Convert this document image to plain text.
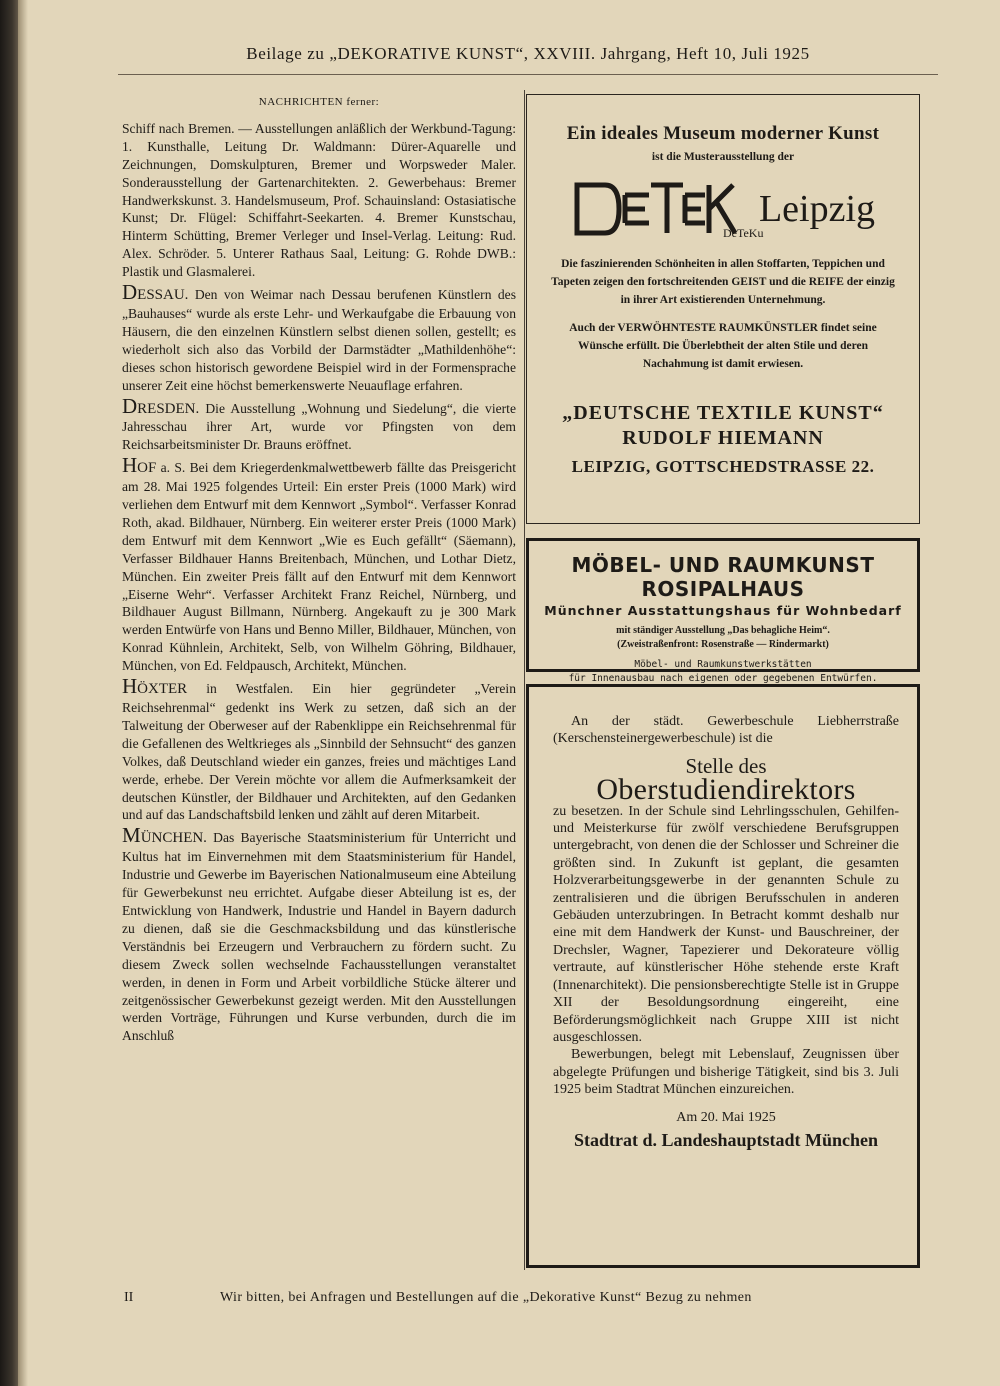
Beilage zu „DEKORATIVE KUNST“, XXVIII. Jahrgang, Heft 10, Juli 1925
NACHRICHTEN ferner:

Schiff nach Bremen. — Ausstellungen anläßlich der Werkbund-Tagung: 1. Kunsthalle, Leitung Dr. Waldmann: Dürer-Aquarelle und Zeichnungen, Domskulpturen, Bremer und Worpsweder Maler. Sonderausstellung der Gartenarchitekten. 2. Gewerbehaus: Bremer Handwerkskunst. 3. Handelsmuseum, Prof. Schauinsland: Ostasiatische Kunst; Dr. Flügel: Schiffahrt-Seekarten. 4. Bremer Kunstschau, Hinterm Schütting, Bremer Verleger und Insel-Verlag. Leitung: Rud. Alex. Schröder. 5. Unterer Rathaus Saal, Leitung: G. Rohde DWB.: Plastik und Glasmalerei.

DESSAU. Den von Weimar nach Dessau berufenen Künstlern des „Bauhauses“ wurde als erste Lehr- und Werkaufgabe die Erbauung von Häusern, die den einzelnen Künstlern selbst dienen sollen, gestellt; es wiederholt sich also das Vorbild der Darmstädter „Mathildenhöhe“: dieses schon historisch gewordene Beispiel wird in der Formensprache unserer Zeit eine höchst bemerkenswerte Neuauflage erfahren.

DRESDEN. Die Ausstellung „Wohnung und Siedelung“, die vierte Jahresschau ihrer Art, wurde vor Pfingsten von dem Reichsarbeitsminister Dr. Brauns eröffnet.

HOF a. S. Bei dem Kriegerdenkmalwettbewerb fällte das Preisgericht am 28. Mai 1925 folgendes Urteil: Ein erster Preis (1000 Mark) wird verliehen dem Entwurf mit dem Kennwort „Symbol“. Verfasser Konrad Roth, akad. Bildhauer, Nürnberg. Ein weiterer erster Preis (1000 Mark) dem Entwurf mit dem Kennwort „Wie es Euch gefällt“ (Säemann), Verfasser Bildhauer Hanns Breitenbach, München, und Lothar Dietz, München. Ein zweiter Preis fällt auf den Entwurf mit dem Kennwort „Eiserne Wehr“. Verfasser Architekt Franz Reichel, Nürnberg, und Bildhauer August Billmann, Nürnberg. Angekauft zu je 300 Mark werden Entwürfe von Hans und Benno Miller, Bildhauer, München, von Konrad Kühnlein, Architekt, Selb, von Wilhelm Göhring, Bildhauer, München, von Ed. Feldpausch, Architekt, München.

HÖXTER in Westfalen. Ein hier gegründeter „Verein Reichsehrenmal“ gedenkt ins Werk zu setzen, daß sich an der Talweitung der Oberweser auf der Rabenklippe ein Reichsehrenmal für die Gefallenen des Weltkrieges als „Sinnbild der Sehnsucht“ des ganzen Volkes, daß Deutschland wieder ein ganzes, freies und mächtiges Land werde, erhebe. Der Verein möchte vor allem die Aufmerksamkeit der deutschen Künstler, der Bildhauer und Architekten, auf den Gedanken und auf das Landschaftsbild lenken und zählt auf deren Mitarbeit.

MÜNCHEN. Das Bayerische Staatsministerium für Unterricht und Kultus hat im Einvernehmen mit dem Staatsministerium für Handel, Industrie und Gewerbe im Bayerischen Nationalmuseum eine Abteilung für Gewerbekunst neu errichtet. Aufgabe dieser Abteilung ist es, der Entwicklung von Handwerk, Industrie und Handel in Bayern dadurch zu dienen, daß sie die Geschmacksbildung und das künstlerische Verständnis bei Erzeugern und Verbrauchern zu fördern sucht. Zu diesem Zweck sollen wechselnde Fachausstellungen veranstaltet werden, in denen in Form und Arbeit vorbildliche Stücke älterer und zeitgenössischer Gewerbekunst gezeigt werden. Mit den Ausstellungen werden Vorträge, Führungen und Kurse verbunden, durch die im Anschluß

Ein ideales Museum moderner Kunst
ist die Musterausstellung der
DeTeKu
Leipzig
Die faszinierenden Schönheiten in allen Stoffarten, Teppichen und Tapeten zeigen den fortschreitenden GEIST und die REIFE der einzig in ihrer Art existierenden Unternehmung.
Auch der VERWÖHNTESTE RAUMKÜNSTLER findet seine Wünsche erfüllt. Die Überlebtheit der alten Stile und deren Nachahmung ist damit erwiesen.
„DEUTSCHE TEXTILE KUNST“
RUDOLF HIEMANN
LEIPZIG, GOTTSCHEDSTRASSE 22.
MÖBEL- UND RAUMKUNST ROSIPALHAUS
Münchner Ausstattungshaus für Wohnbedarf
mit ständiger Ausstellung „Das behagliche Heim“.
(Zweistraßenfront: Rosenstraße — Rindermarkt)
Möbel- und Raumkunstwerkstätten
für Innenausbau nach eigenen oder gegebenen Entwürfen.

An der städt. Gewerbeschule Liebherrstraße (Kerschensteinergewerbeschule) ist die

Stelle des
Oberstudiendirektors

zu besetzen. In der Schule sind Lehrlingsschulen, Gehilfen- und Meisterkurse für zwölf verschiedene Berufsgruppen untergebracht, von denen die der Schlosser und Schreiner die größten sind. In Zukunft ist geplant, die gesamten Holzverarbeitungsgewerbe in der genannten Schule zu zentralisieren und die übrigen Berufsschulen in anderen Gebäuden unterzubringen. In Betracht kommt deshalb nur eine mit dem Handwerk der Kunst- und Bauschreiner, der Drechsler, Wagner, Tapezierer und Dekorateure völlig vertraute, auf künstlerischer Höhe stehende erste Kraft (Innenarchitekt). Die pensionsberechtigte Stelle ist in Gruppe XII der Besoldungsordnung eingereiht, eine Beförderungsmöglichkeit nach Gruppe XIII ist nicht ausgeschlossen.

Bewerbungen, belegt mit Lebenslauf, Zeugnissen über abgelegte Prüfungen und bisherige Tätigkeit, sind bis 3. Juli 1925 beim Stadtrat München einzureichen.

Am 20. Mai 1925
Stadtrat d. Landeshauptstadt München
II	Wir bitten, bei Anfragen und Bestellungen auf die „Dekorative Kunst“ Bezug zu nehmen
